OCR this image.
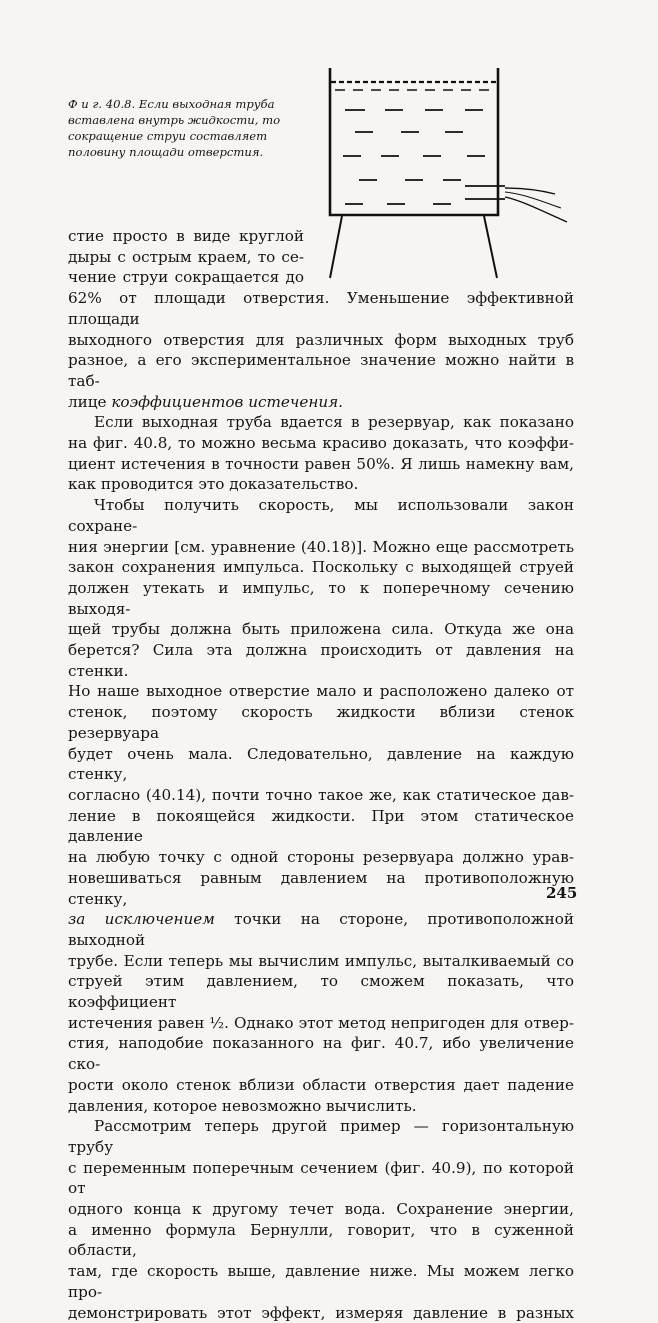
Ф и г. 40.8. Если выходная труба вставлена внутрь жидкости, то сокращение струи составляет половину площади отверстия.
стие просто в виде круглой
дыры с острым краем, то се-
чение струи сокращается до
62% от площади отверстия. Уменьшение эффективной площади
выходного отверстия для различных форм выходных труб
разное, а его экспериментальное значение можно найти в таб-
лице коэффициентов истечения.
Если выходная труба вдается в резервуар, как показано
на фиг. 40.8, то можно весьма красиво доказать, что коэффи-
циент истечения в точности равен 50%. Я лишь намекну вам,
как проводится это доказательство.
Чтобы получить скорость, мы использовали закон сохране-
ния энергии [см. уравнение (40.18)]. Можно еще рассмотреть
закон сохранения импульса. Поскольку с выходящей струей
должен утекать и импульс, то к поперечному сечению выходя-
щей трубы должна быть приложена сила. Откуда же она
берется? Сила эта должна происходить от давления на стенки.
Но наше выходное отверстие мало и расположено далеко от
стенок, поэтому скорость жидкости вблизи стенок резервуара
будет очень мала. Следовательно, давление на каждую стенку,
согласно (40.14), почти точно такое же, как статическое дав-
ление в покоящейся жидкости. При этом статическое давление
на любую точку с одной стороны резервуара должно урав-
новешиваться равным давлением на противоположную стенку,
за исключением точки на стороне, противоположной выходной
трубе. Если теперь мы вычислим импульс, выталкиваемый со
струей этим давлением, то сможем показать, что коэффициент
истечения равен ½. Однако этот метод непригоден для отвер-
стия, наподобие показанного на фиг. 40.7, ибо увеличение ско-
рости около стенок вблизи области отверстия дает падение
давления, которое невозможно вычислить.
Рассмотрим теперь другой пример — горизонтальную трубу
с переменным поперечным сечением (фиг. 40.9), по которой от
одного конца к другому течет вода. Сохранение энергии,
а именно формула Бернулли, говорит, что в суженной области,
там, где скорость выше, давление ниже. Мы можем легко про-
демонстрировать этот эффект, измеряя давление в разных
245
